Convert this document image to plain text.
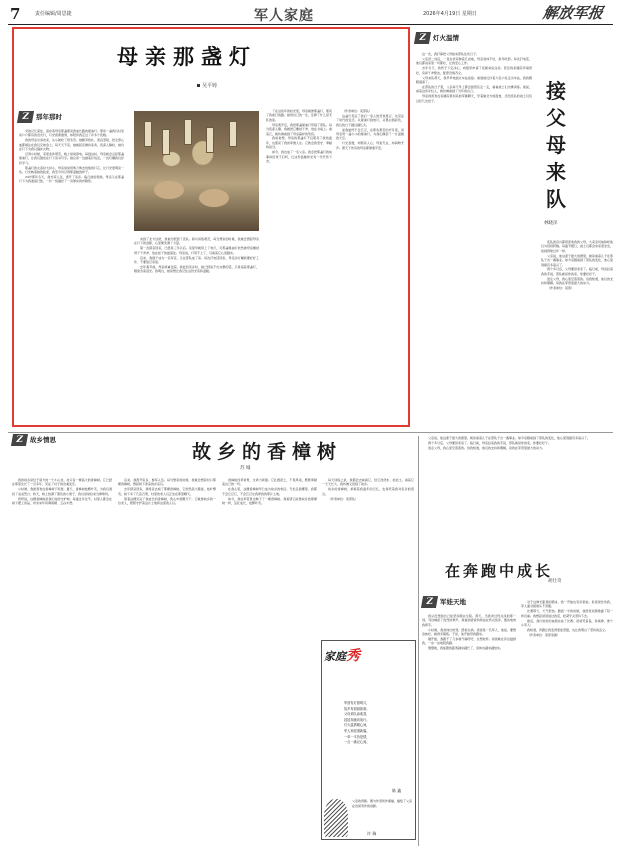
7	责任编辑/周思捷	军人家庭	2026年4月19日 星期日	解放军报
母亲那盏灯
吴平铸
Z 那年那时

灵的记忆深处，留存着母亲那盏照亮我成长路的煤油灯。那是一盏我们村家家户户都有的旧式灯，灯光昏黄微弱，却陪伴我走过了许多个夜晚。

我的母亲出身农家，从小就吃了很多苦。她勤劳俭朴，善良坚韧，把全部心血都倾注在我们兄妹身上。每天天不亮，她就起床操持家务，夜深人静时，她仍在灯下为我们缝补衣物。

记得小时候，家里条件艰苦，晚上常常停电。每到这时，母亲就会点起那盏煤油灯，让我们围坐在灯下读书写字。她总是一边做着针线活，一边叮嘱我们好好学习。

那盏灯的火苗时大时小，母亲常常用剪刀剪去烧焦的灯芯，让灯光更明亮一些。灯光映着她的脸庞，我至今仍记得那温暖的样子。

24岁那年冬天，我光荣入伍，离开了家乡。临行前的夜晚，母亲又在那盏灯下为我准备行装，一针一线缝好了一双厚实的布鞋垫。

来到了北方边防，我被分配到了连队。新兵训练艰苦，每当想家的时候，我就会想起母亲在灯下的身影，心里便充满了力量。

第一次探亲回家，已经是三年以后。家里早就用上了电灯，可那盏煤油灯依然被母亲擦拭得干干净净，放在柜子的最高处。母亲说，灯用不上了，可看着它心里踏实。

后来，我提干成为一名军官，又在部队成了家。每次打电话回家，母亲总叮嘱我要好好工作，不要惦记家里。

去年春节前，母亲病重住院。我赶回家乡时，她已经说不出完整的话，只是指着那盏灯，眼里含着泪光。我明白，她是想让我记住这份光亮和温暖。

了在这些年的时光里，母亲就像那盏灯，照亮了我前行的路。她用自己的一生，诠释了什么是无私的爱。

母亲离开后，我把那盏煤油灯带到了部队。每当夜深人静，我就把它擦拭干净，放在书桌上。看着它，就仿佛看到了母亲慈祥的笑容。

我常常想，母亲的那盏灯不仅照亮了我的童年，也照亮了我的军旅人生。它教会我坚守、奉献和担当。

如今，我也成了一名父亲。我会把那盏灯的故事讲给孩子们听，让这份温暖和光亮一代代传下去。

（作者单位：某部队）

这盏灯见证了我们一家人的悲欢离合，也见证了时代的变迁。从煤油灯到电灯，从黑白到彩色，我们的日子越过越红火。

而我始终不会忘记，在那些艰苦的岁月里，是母亲用一盏小小的煤油灯，为我们撑起了一片温暖的天空。

灯光虽微，却照亮人心；母爱无言，却润物无声。愿天下所有的母亲都健康平安。

Z 灯火温情
接父母来队
林晓泽

这一次，我打算把父母接来部队住些日子。

父亲退二线后，一直在老家种着几亩地，母亲身体不好，常年吃药。每次打电话，他们都说家里一切都好，让我安心工作。

去年冬天，我终于下定决心，向组织申请了家属来队住房。营区的家属院环境很好，房间干净整洁，配套设施齐全。

父母来队那天，我早早地到火车站迎接。看到他们拎着大包小包走出车站，我的眼眶湿润了。

在部队的日子里，父亲每天早上都会到营区走一走，看看战士们出操训练。他说，看着这些年轻人，就仿佛看到了当年的自己。

母亲则喜欢在家属院里和其他军属聊天，学着做北方的面食，还给连队的战士们包过好几次饺子。

连队的官兵都很喜欢我的父母，大家亲切地称呼他们为叔叔阿姨。每逢节假日，战士们都会来家里坐坐，热闹得像过年一样。

父亲说，他这辈子最大的愿望，就是看着儿子在部队干出一番事业。如今亲眼看到了部队的变化，他心里别提有多高兴了。

两个多月后，父母要回老家了。临行前，母亲拉着我的手说，部队就是你的家，你要好好干。

送走父母，我心里空落落的。但我知道，他们的支持和理解，是我在军营里最大的动力。

（作者单位：某部）

Z 故乡情思
故乡的香樟树
苏 城

我的故乡是位于南方的一个小山村，村口有一棵高大的香樟树。它已经在那里生长了一百多年，见证了村子的沧桑变迁。

小时候，我最喜欢在香樟树下玩耍。夏天，香樟树枝繁叶茂，为我们遮挡了炎炎烈日；秋天，树上结满了黑色的小果子，我们常常捡来当弹珠玩。

奶奶说，这棵香樟树是我们村的守护神。每逢过年过节，村里人都会在树下摆上供品，祈求来年风调雨顺、五谷丰登。

后来，我离开家乡，参军入伍。每当想家的时候，我就会想起村口那棵香樟树，想起树下乘凉的乡亲们。

去年探亲回家，我特意去看了那棵香樟树。它依然高大挺拔，枝叶繁茂。树下多了几张石凳，村里的老人们正坐在那里聊天。

望着这棵见证了我成长的香樟树，我心中感慨万千。它就像故乡的一位老人，默默守护着这片土地和这里的人们。

香樟树四季常青，生命力顽强。它扎根泥土，不畏风雨，默默奉献着自己的一切。

在我心里，这棵香樟树早已成为故乡的象征。无论走到哪里，我都不会忘记它，不会忘记生我养我的那片土地。

如今，我在军营里也种下了一棵香樟树。我希望它能像故乡的那棵树一样，茁壮成长，枝繁叶茂。

每天训练之余，我都会去看看它，给它浇浇水、松松土。看着它一天天长大，我仿佛又回到了故乡。

故乡的香樟树，承载着我童年的记忆，也寄托着我对家乡的思念。

（作者单位：某部队）

父亲说，他这辈子最大的愿望，就是看着儿子在部队干出一番事业。如今亲眼看到了部队的变化，他心里别提有多高兴了。

两个多月后，父母要回老家了。临行前，母亲拉着我的手说，部队就是你的家，你要好好干。

送走父母，我心里空落落的。但我知道，他们的支持和理解，是我在军营里最大的动力。

在奔跑中成长
胡仕奇
Z 军娃天地

我从没想到自己能坚持跑完全程。那天，当我冲过终点线的那一刻，耳边响起了热烈的掌声，我看到爸爸妈妈站在终点线旁，激动地向我挥手。

小时候，我身体比较弱，经常生病。爸爸是一名军人，他说，要想身体好，就得多锻炼。于是，他开始带我跑步。

刚开始，我跑不了几步就气喘吁吁，总想放弃。爸爸就在旁边鼓励我，一步一步地陪我跑。

慢慢地，我能跑的距离越来越长了，身体也越来越结实。

对于这种长距离的跑步，我一开始也有些害怕。但爸爸告诉我，军人面对困难从不退缩。

比赛那天，天气很热。跑到一半的时候，我感觉双腿像灌了铅一样沉重。我想起爸爸说过的话，咬紧牙关坚持下去。

最后，我以较好的成绩完成了比赛。爸爸笑着说，你真棒，像个小军人！

我知道，奔跑让我变得更加坚强，也让我明白了坚持的意义。

（作者单位：某部家属）

家庭秀
军营有灯照明月，
故乡有树绿如荫。
父母来队添欢喜，
娃娃奔跑向前行。
灯火温情暖心间，
军人家庭谱新篇。
一草一木皆是情，
一点一滴记心间。
陈 鑫
父亲的背影。图为作者所作素描，描绘了父亲在田间劳作的身影。
许 瑞
